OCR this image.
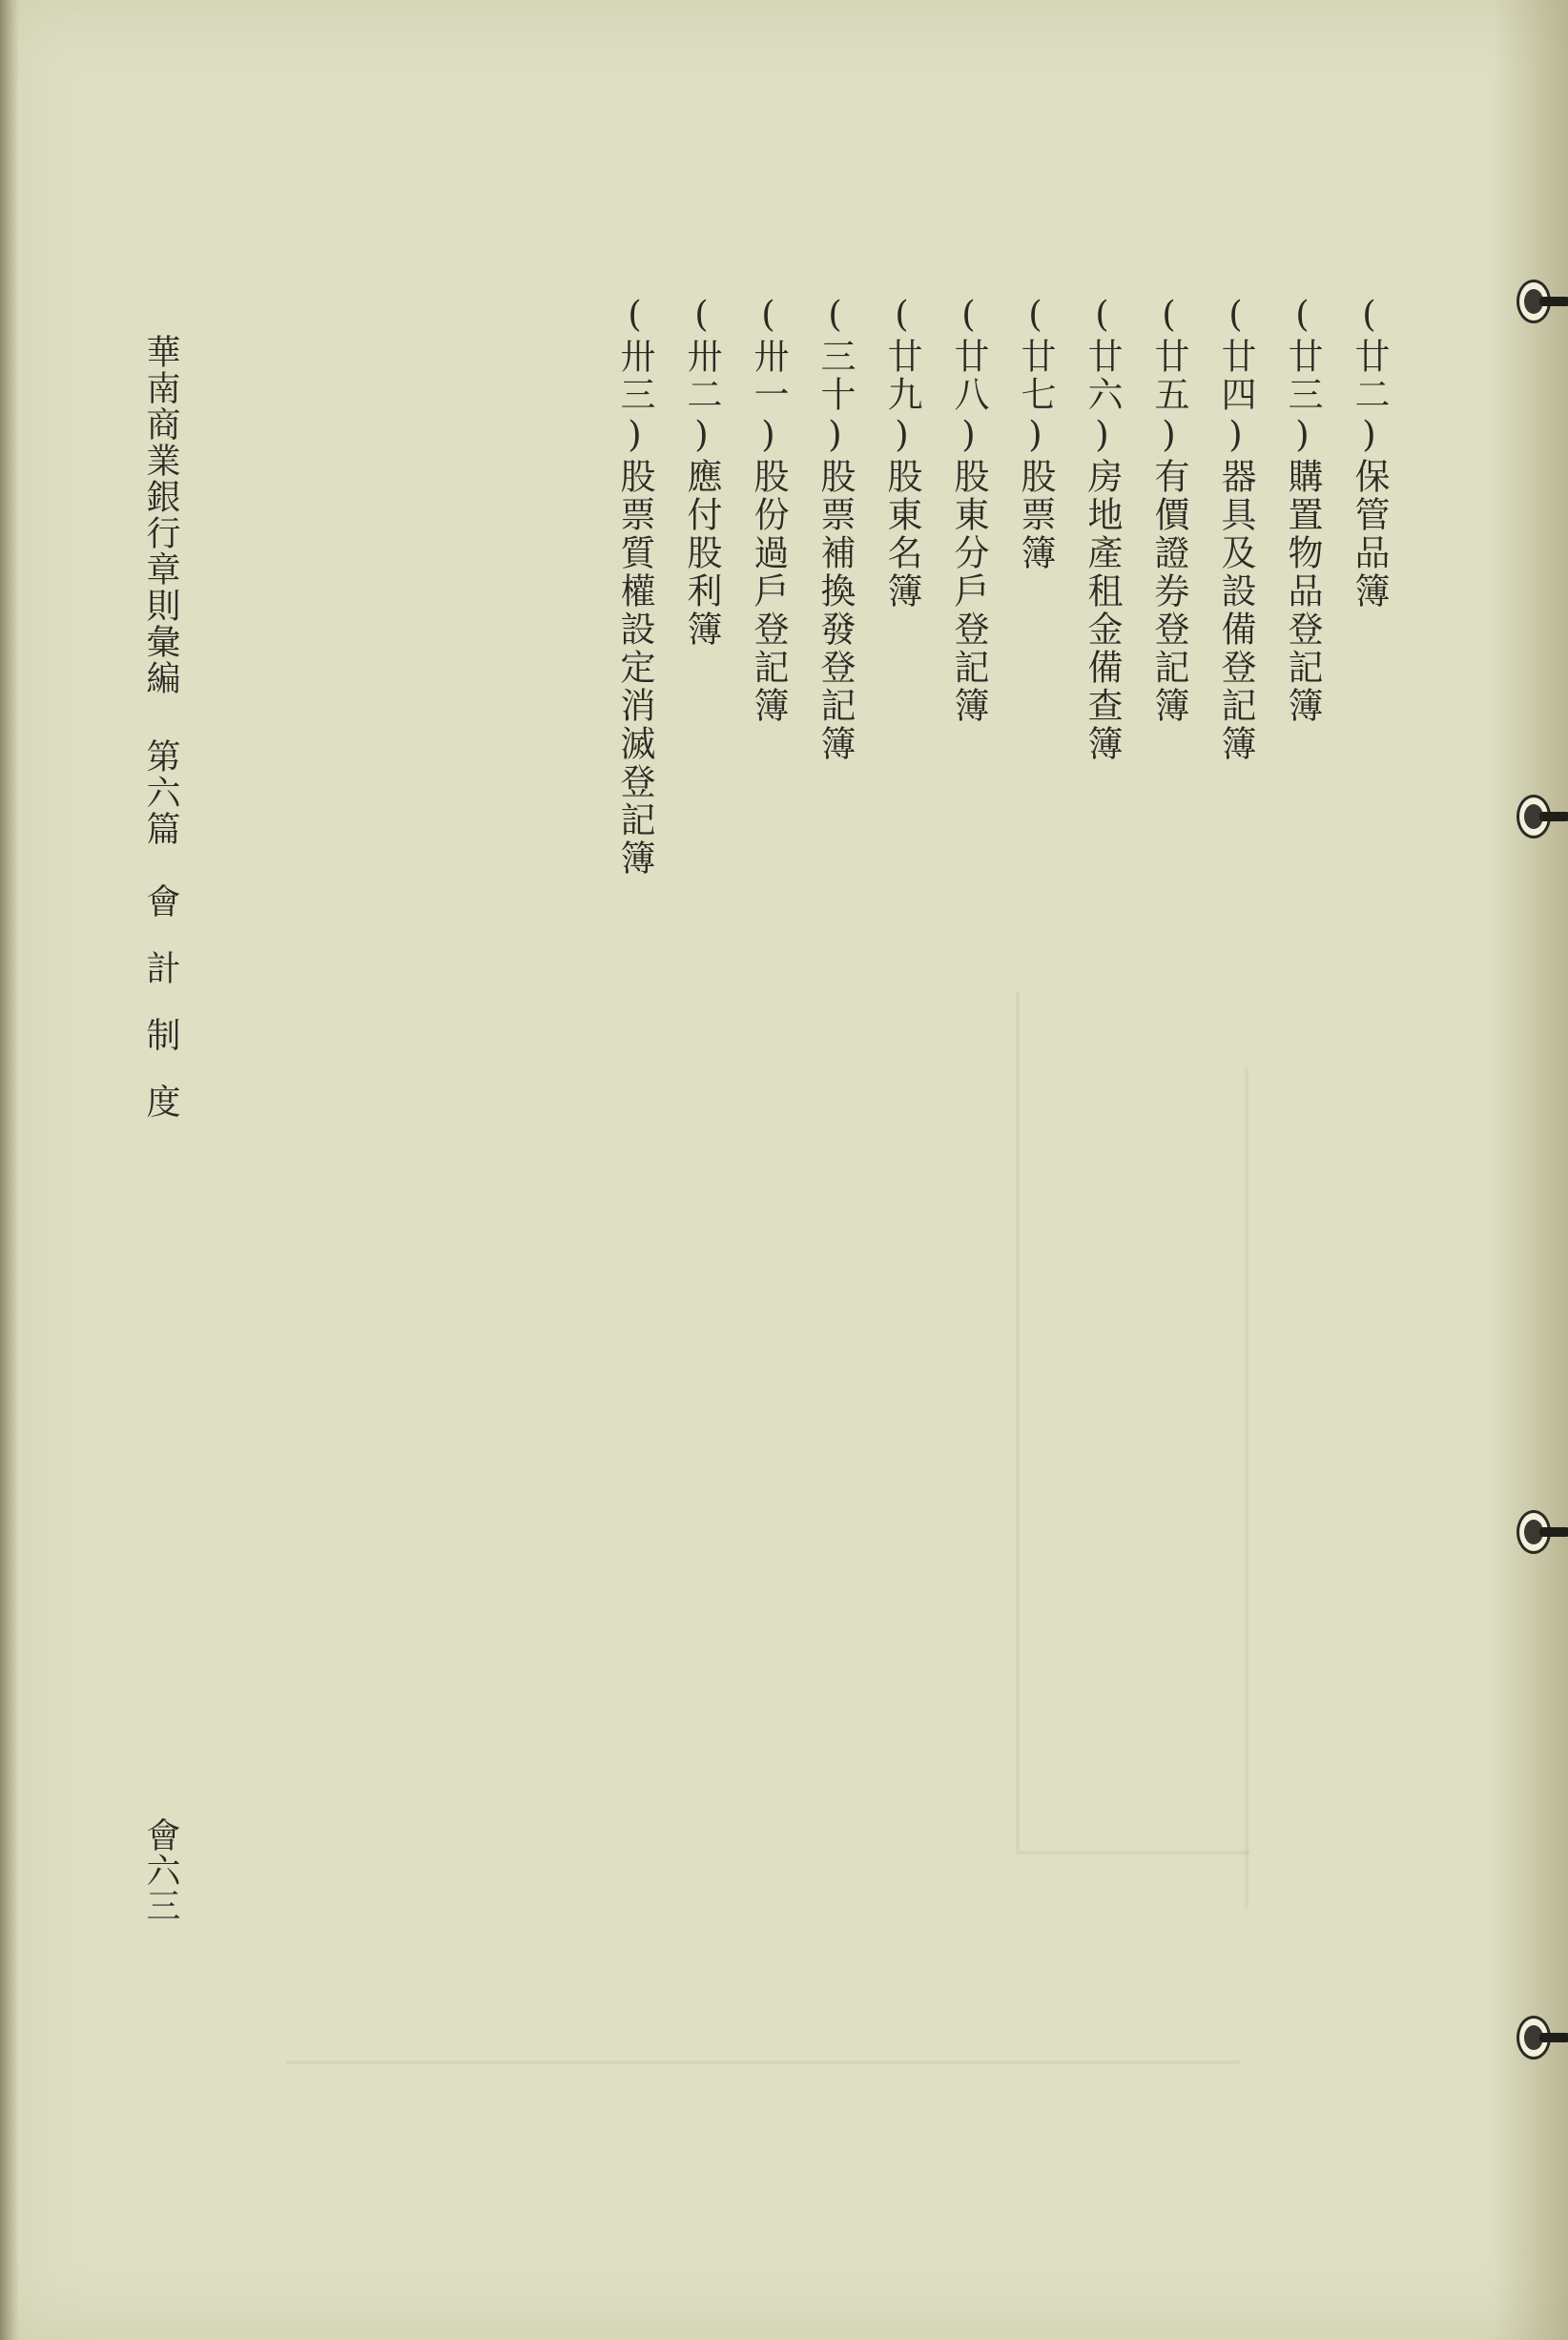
(廿二)保管品簿
(廿三)購置物品登記簿
(廿四)器具及設備登記簿
(廿五)有價證券登記簿
(廿六)房地產租金備查簿
(廿七)股票簿
(廿八)股東分戶登記簿
(廿九)股東名簿
(三十)股票補換發登記簿
(卅一)股份過戶登記簿
(卅二)應付股利簿
(卅三)股票質權設定消滅登記簿
華南商業銀行章則彙編第六篇會計制度
會六三
